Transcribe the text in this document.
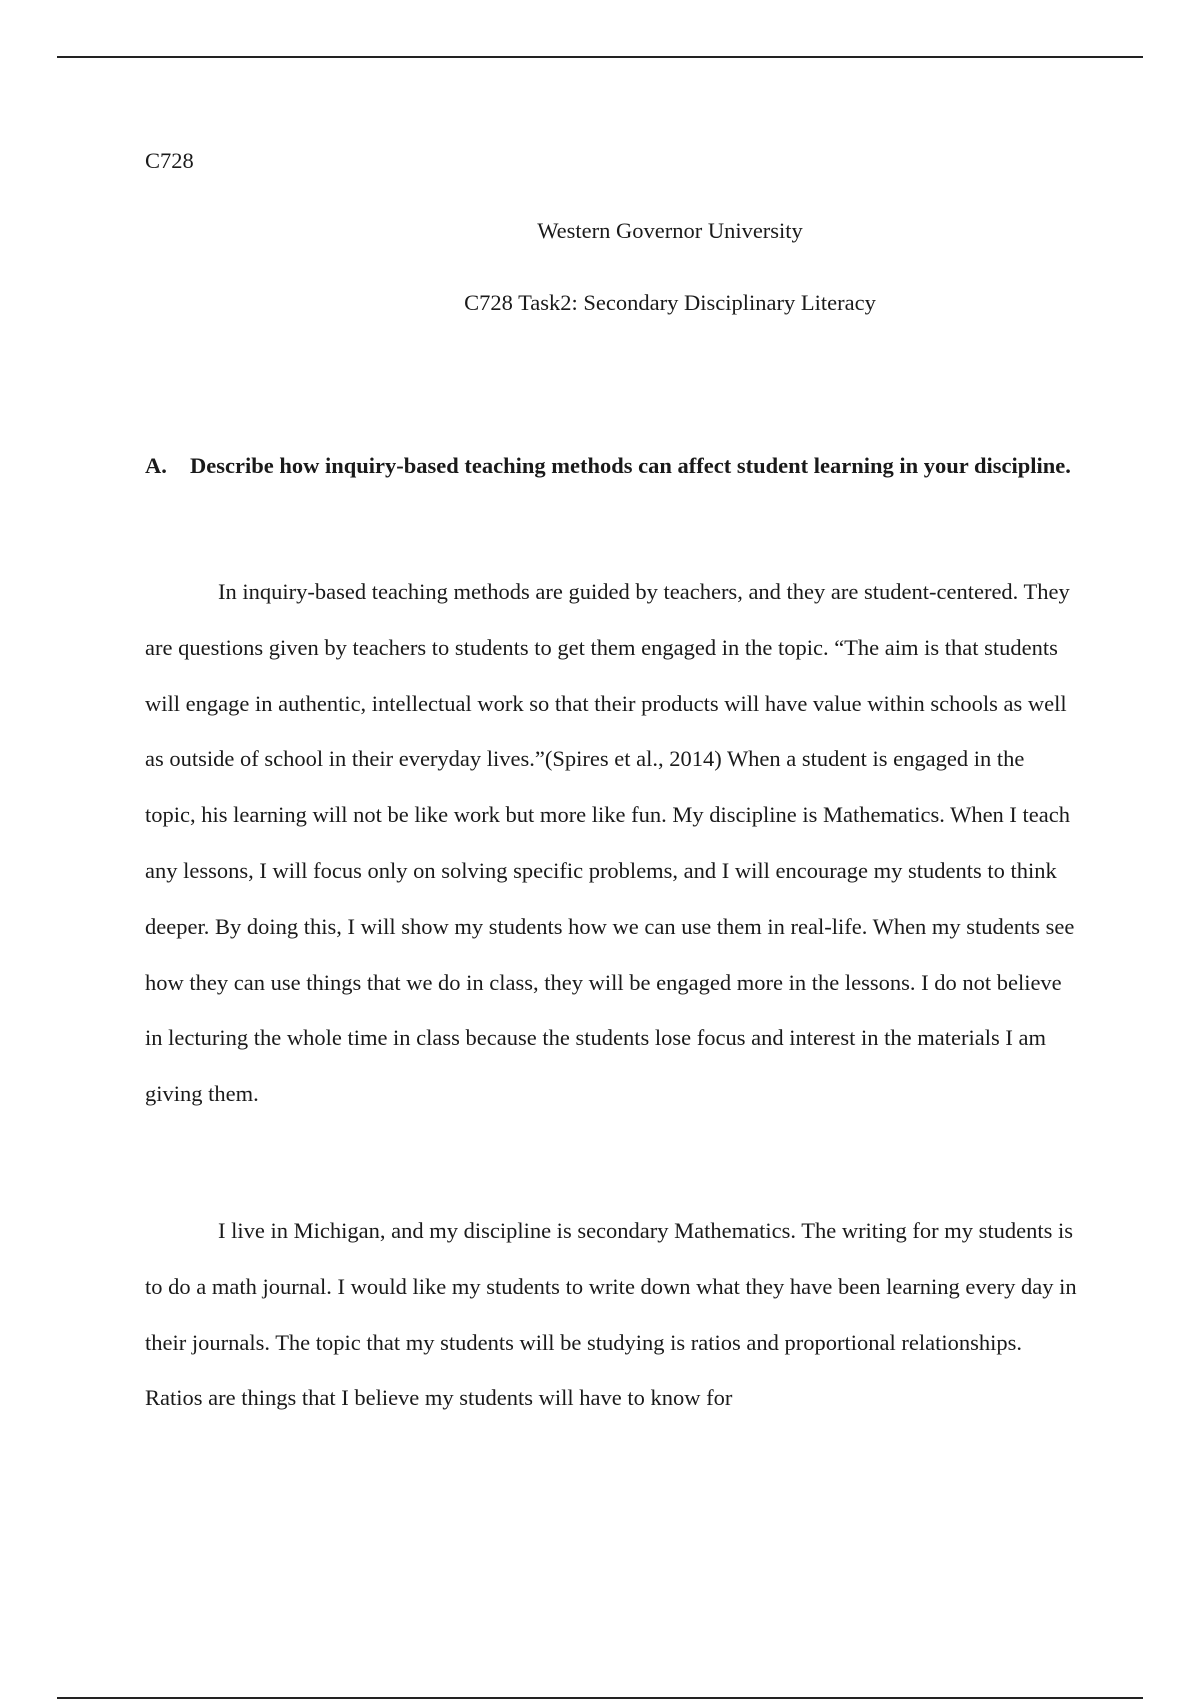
C728
Western Governor University
C728 Task2: Secondary Disciplinary Literacy
A. Describe how inquiry-based teaching methods can affect student learning in your discipline.
In inquiry-based teaching methods are guided by teachers, and they are student-centered. They are questions given by teachers to students to get them engaged in the topic. “The aim is that students will engage in authentic, intellectual work so that their products will have value within schools as well as outside of school in their everyday lives.”(Spires et al., 2014) When a student is engaged in the topic, his learning will not be like work but more like fun. My discipline is Mathematics. When I teach any lessons, I will focus only on solving specific problems, and I will encourage my students to think deeper. By doing this, I will show my students how we can use them in real-life. When my students see how they can use things that we do in class, they will be engaged more in the lessons. I do not believe in lecturing the whole time in class because the students lose focus and interest in the materials I am giving them.
I live in Michigan, and my discipline is secondary Mathematics. The writing for my students is to do a math journal. I would like my students to write down what they have been learning every day in their journals. The topic that my students will be studying is ratios and proportional relationships. Ratios are things that I believe my students will have to know for
